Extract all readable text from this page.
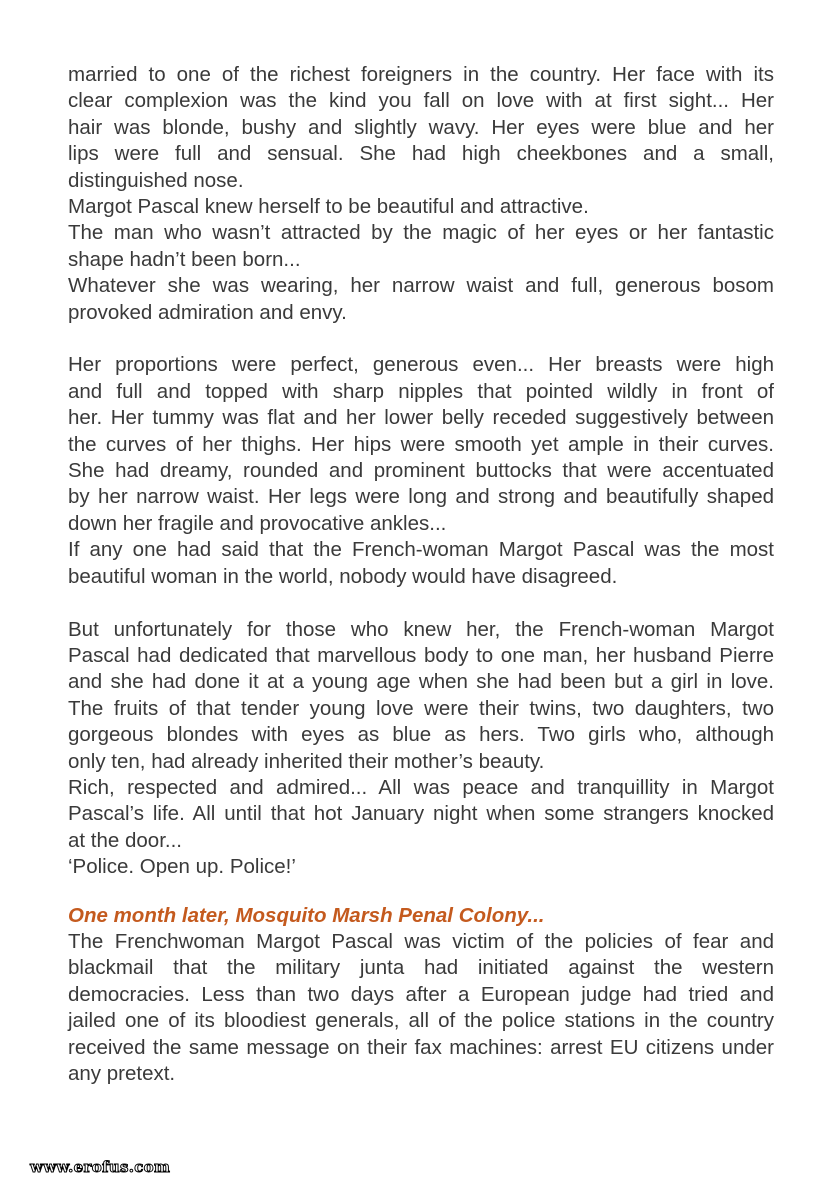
married to one of the richest foreigners in the country. Her face with its
clear complexion was the kind you fall on love with at first sight... Her
hair was blonde, bushy and slightly wavy. Her eyes were blue and her
lips were full and sensual. She had high cheekbones and a small,
distinguished nose.
Margot Pascal knew herself to be beautiful and attractive.
The man who wasn’t attracted by the magic of her eyes or her fantastic
shape hadn’t been born...
Whatever she was wearing, her narrow waist and full, generous bosom
provoked admiration and envy.
Her proportions were perfect, generous even... Her breasts were high
and full and topped with sharp nipples that pointed wildly in front of
her. Her tummy was flat and her lower belly receded suggestively between
the curves of her thighs. Her hips were smooth yet ample in their curves.
She had dreamy, rounded and prominent buttocks that were accentuated
by her narrow waist. Her legs were long and strong and beautifully shaped
down her fragile and provocative ankles...
If any one had said that the French-woman Margot Pascal was the most
beautiful woman in the world, nobody would have disagreed.
But unfortunately for those who knew her, the French-woman Margot
Pascal had dedicated that marvellous body to one man, her husband Pierre
and she had done it at a young age when she had been but a girl in love.
The fruits of that tender young love were their twins, two daughters, two
gorgeous blondes with eyes as blue as hers. Two girls who, although
only ten, had already inherited their mother’s beauty.
Rich, respected and admired... All was peace and tranquillity in Margot
Pascal’s life. All until that hot January night when some strangers knocked
at the door...
‘Police. Open up. Police!’
One month later, Mosquito Marsh Penal Colony...
The Frenchwoman Margot Pascal was victim of the policies of fear and
blackmail that the military junta had initiated against the western
democracies. Less than two days after a European judge had tried and
jailed one of its bloodiest generals, all of the police stations in the country
received the same message on their fax machines: arrest EU citizens under
any pretext.
www.erofus.com
